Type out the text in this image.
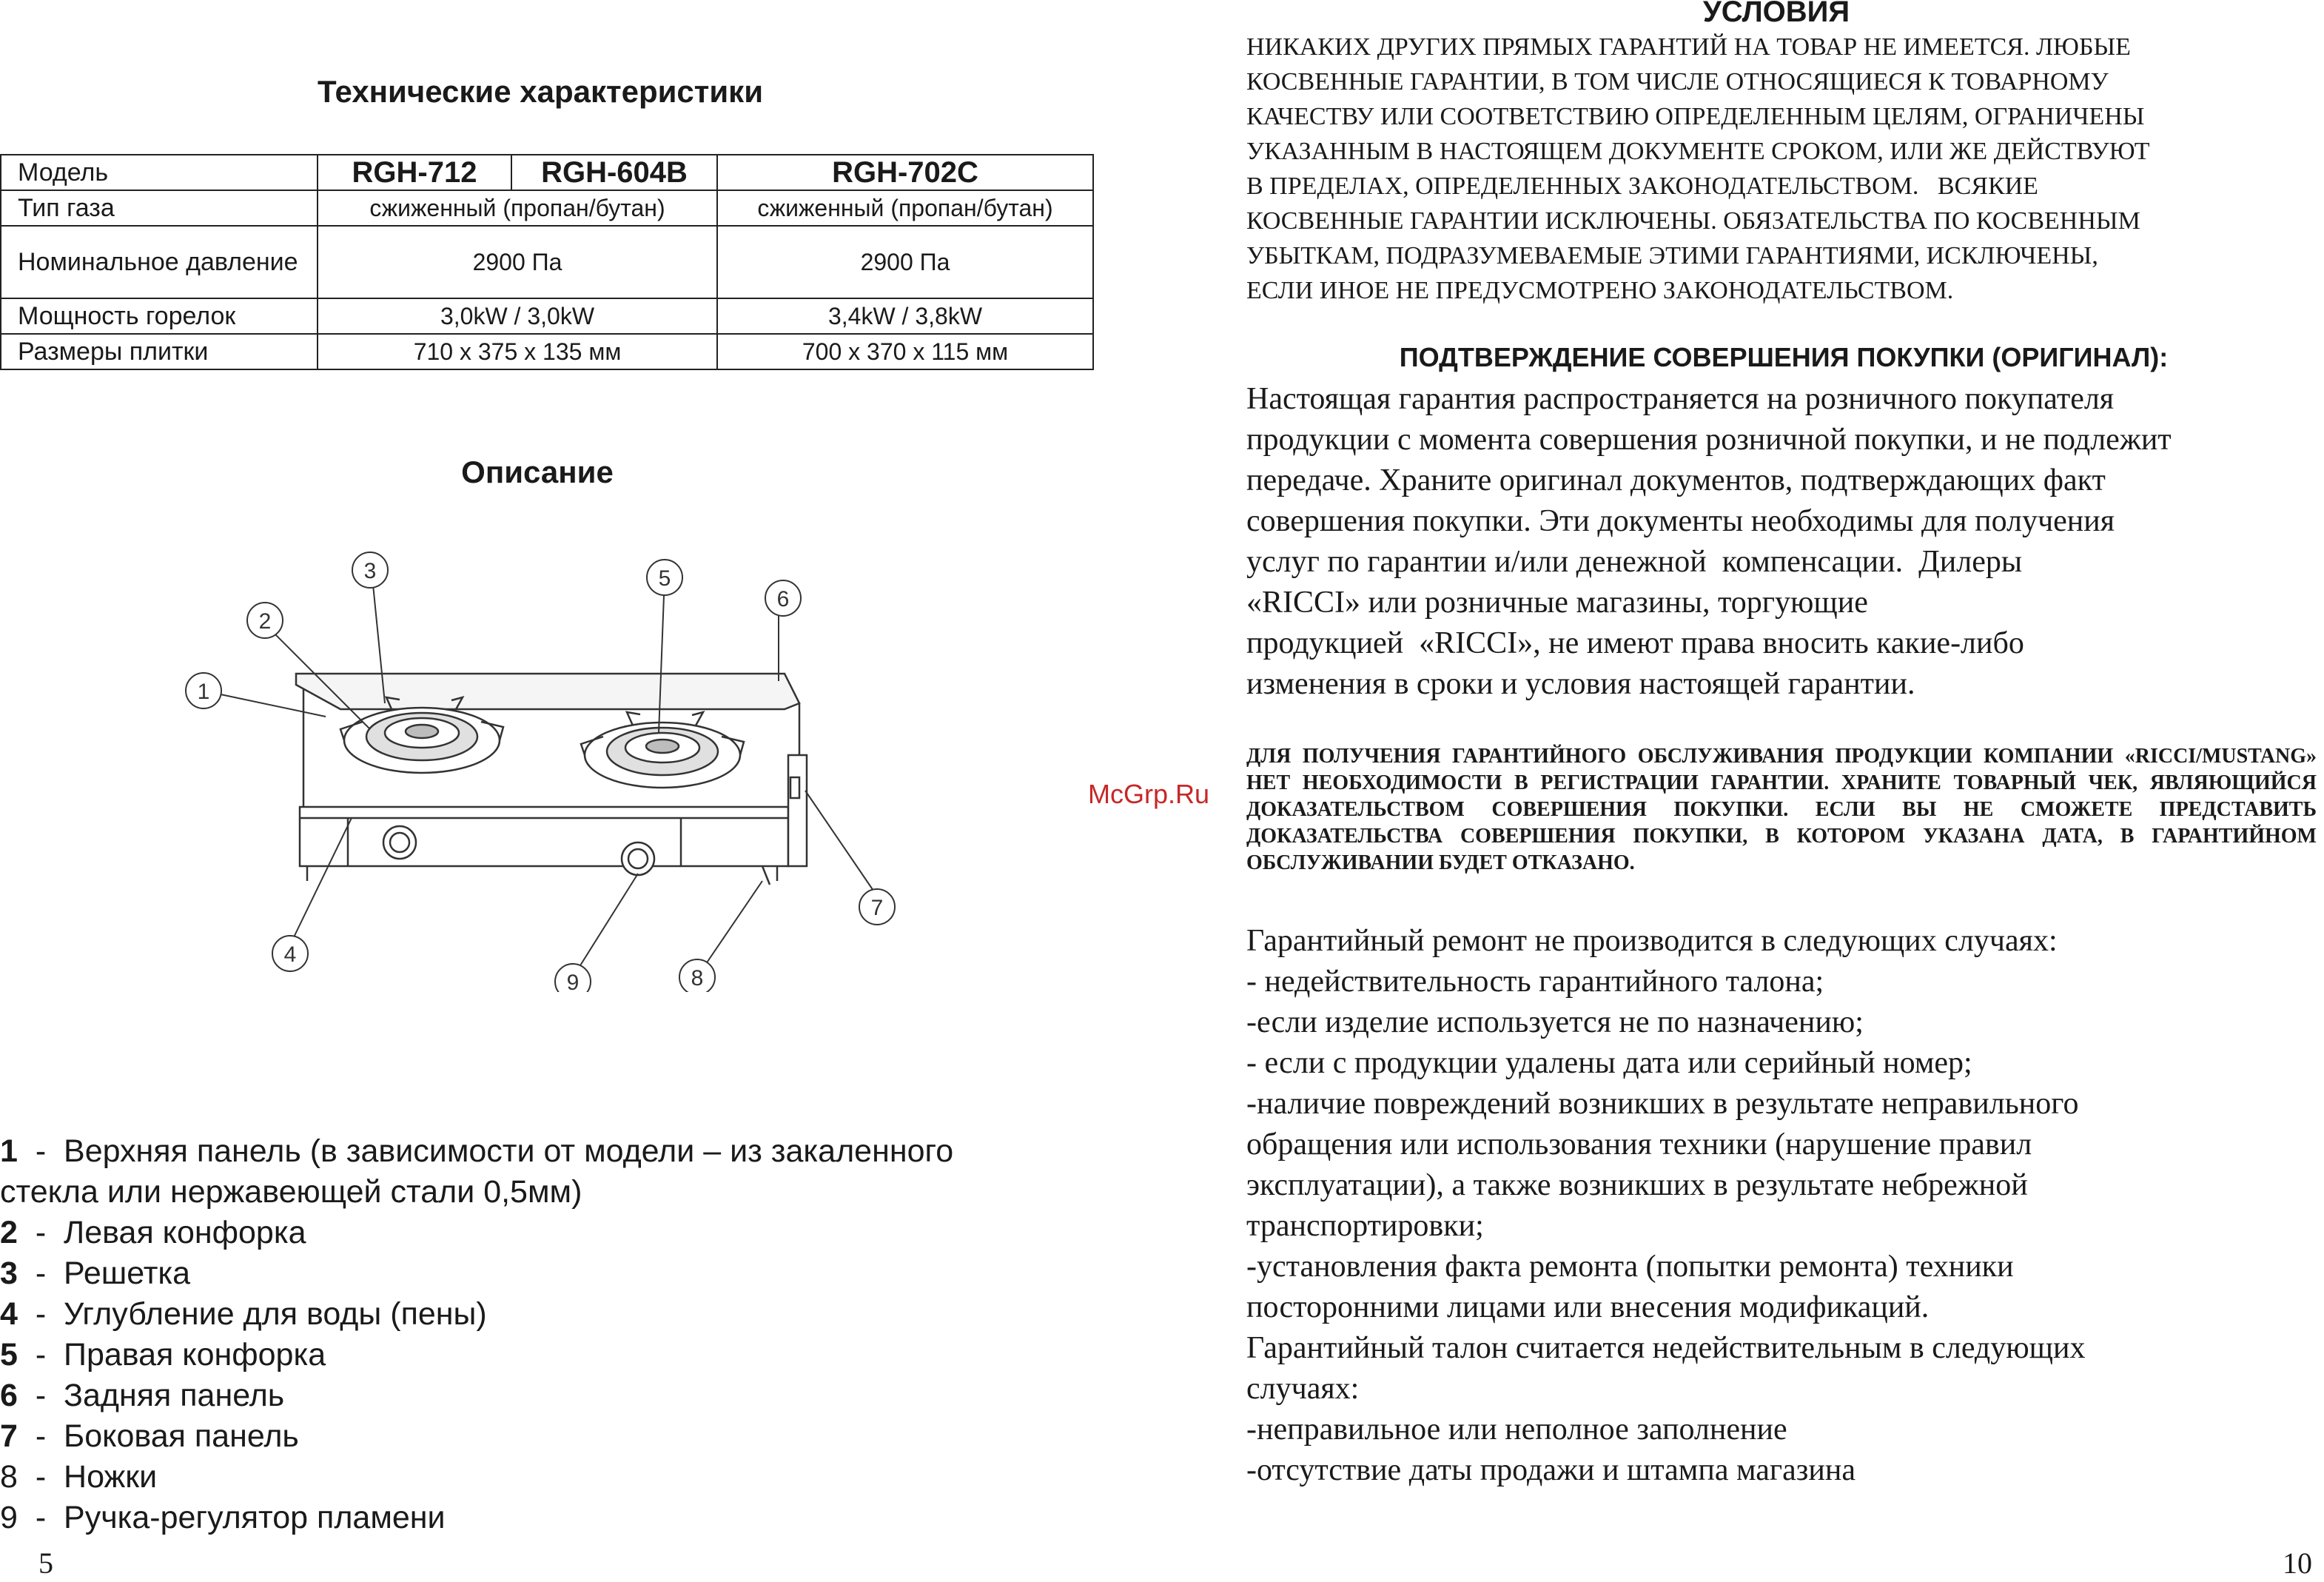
Технические характеристики
Модель	RGH-712	RGH-604В	RGH-702C
Тип газа	сжиженный (пропан/бутан)		сжиженный (пропан/бутан)
Номинальное давление	2900 Па		2900 Па
Мощность горелок	3,0kW / 3,0kW		3,4kW / 3,8kW
Размеры плитки	710 x 375 x 135 мм		700 x 370 x 115 мм
Описание
1
2
3
4
5
6
7
8
9
1  -  Верхняя панель (в зависимости от модели – из закаленного
стекла или нержавеющей стали 0,5мм)
2  -  Левая конфорка
3  -  Решетка
4  -  Углубление для воды (пены)
5  -  Правая конфорка
6  -  Задняя панель
7  -  Боковая панель
8  -  Ножки
9  -  Ручка-регулятор пламени
5
УСЛОВИЯ
НИКАКИХ ДРУГИХ ПРЯМЫХ ГАРАНТИЙ НА ТОВАР НЕ ИМЕЕТСЯ. ЛЮБЫЕ
КОСВЕННЫЕ ГАРАНТИИ, В ТОМ ЧИСЛЕ ОТНОСЯЩИЕСЯ К ТОВАРНОМУ
КАЧЕСТВУ ИЛИ СООТВЕТСТВИЮ ОПРЕДЕЛЕННЫМ ЦЕЛЯМ, ОГРАНИЧЕНЫ
УКАЗАННЫМ В НАСТОЯЩЕМ ДОКУМЕНТЕ СРОКОМ, ИЛИ ЖЕ ДЕЙСТВУЮТ
В ПРЕДЕЛАХ, ОПРЕДЕЛЕННЫХ ЗАКОНОДАТЕЛЬСТВОМ.   ВСЯКИЕ
КОСВЕННЫЕ ГАРАНТИИ ИСКЛЮЧЕНЫ. ОБЯЗАТЕЛЬСТВА ПО КОСВЕННЫМ
УБЫТКАМ, ПОДРАЗУМЕВАЕМЫЕ ЭТИМИ ГАРАНТИЯМИ, ИСКЛЮЧЕНЫ,
ЕСЛИ ИНОЕ НЕ ПРЕДУСМОТРЕНО ЗАКОНОДАТЕЛЬСТВОМ.
ПОДТВЕРЖДЕНИЕ СОВЕРШЕНИЯ ПОКУПКИ (ОРИГИНАЛ):
Настоящая гарантия распространяется на розничного покупателя
продукции с момента совершения розничной покупки, и не подлежит
передаче. Храните оригинал документов, подтверждающих факт
совершения покупки. Эти документы необходимы для получения
услуг по гарантии и/или денежной  компенсации.  Дилеры
«RICCI» или розничные магазины, торгующие
продукцией  «RICCI», не имеют права вносить какие-либо
изменения в сроки и условия настоящей гарантии.
McGrp.Ru
ДЛЯ ПОЛУЧЕНИЯ ГАРАНТИЙНОГО ОБСЛУЖИВАНИЯ ПРОДУКЦИИ КОМПАНИИ «RICCI/MUSTANG» НЕТ НЕОБХОДИМОСТИ В РЕГИСТРАЦИИ ГАРАНТИИ. ХРАНИТЕ ТОВАРНЫЙ ЧЕК, ЯВЛЯЮЩИЙСЯ ДОКАЗАТЕЛЬСТВОМ СОВЕРШЕНИЯ ПОКУПКИ. ЕСЛИ ВЫ НЕ СМОЖЕТЕ ПРЕДСТАВИТЬ ДОКАЗАТЕЛЬСТВА СОВЕРШЕНИЯ ПОКУПКИ, В КОТОРОМ УКАЗАНА ДАТА, В ГАРАНТИЙНОМ ОБСЛУЖИВАНИИ БУДЕТ ОТКАЗАНО.
Гарантийный ремонт не производится в следующих случаях:
- недействительность гарантийного талона;
-если изделие используется не по назначению;
- если с продукции удалены дата или серийный номер;
-наличие повреждений возникших в результате неправильного
обращения или использования техники (нарушение правил
эксплуатации), а также возникших в результате небрежной
транспортировки;
-установления факта ремонта (попытки ремонта) техники
посторонними лицами или внесения модификаций.
Гарантийный талон считается недействительным в следующих
случаях:
-неправильное или неполное заполнение
-отсутствие даты продажи и штампа магазина
10
